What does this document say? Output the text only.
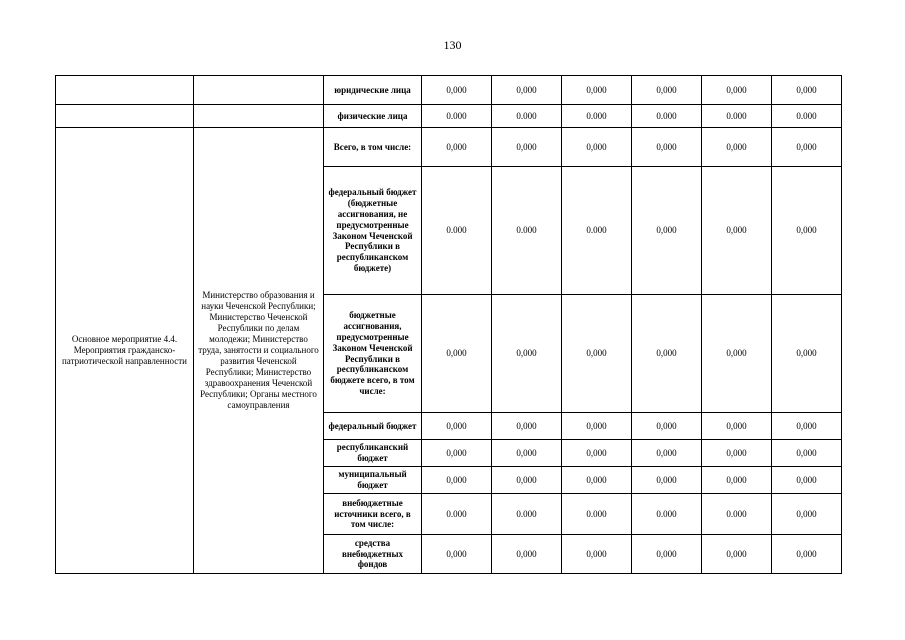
130
		юридические лица	0,000	0,000	0,000	0,000	0,000	0,000
		физические лица	0.000	0.000	0.000	0.000	0.000	0.000
Основное мероприятие 4.4. Мероприятия гражданско-патриотической направленности	Министерство образования и науки Чеченской Республики; Министерство Чеченской Республики по делам молодежи; Министерство труда, занятости и социального развития Чеченской Республики; Министерство здравоохранения Чеченской Республики; Органы местного самоуправления	Всего, в том числе:	0,000	0,000	0,000	0,000	0,000	0,000
		федеральный бюджет (бюджетные ассигнования, не предусмотренные Законом Чеченской Республики в республиканском бюджете)	0.000	0.000	0.000	0,000	0,000	0,000
		бюджетные ассигнования, предусмотренные Законом Чеченской Республики в республиканском бюджете всего, в том числе:	0,000	0,000	0,000	0,000	0,000	0,000
		федеральный бюджет	0,000	0,000	0,000	0,000	0,000	0,000
		республиканский бюджет	0,000	0,000	0,000	0,000	0,000	0,000
		муниципальный бюджет	0,000	0,000	0,000	0,000	0,000	0,000
		внебюджетные источники всего, в том числе:	0.000	0.000	0.000	0.000	0.000	0,000
		средства внебюджетных фондов	0,000	0,000	0,000	0,000	0,000	0,000
